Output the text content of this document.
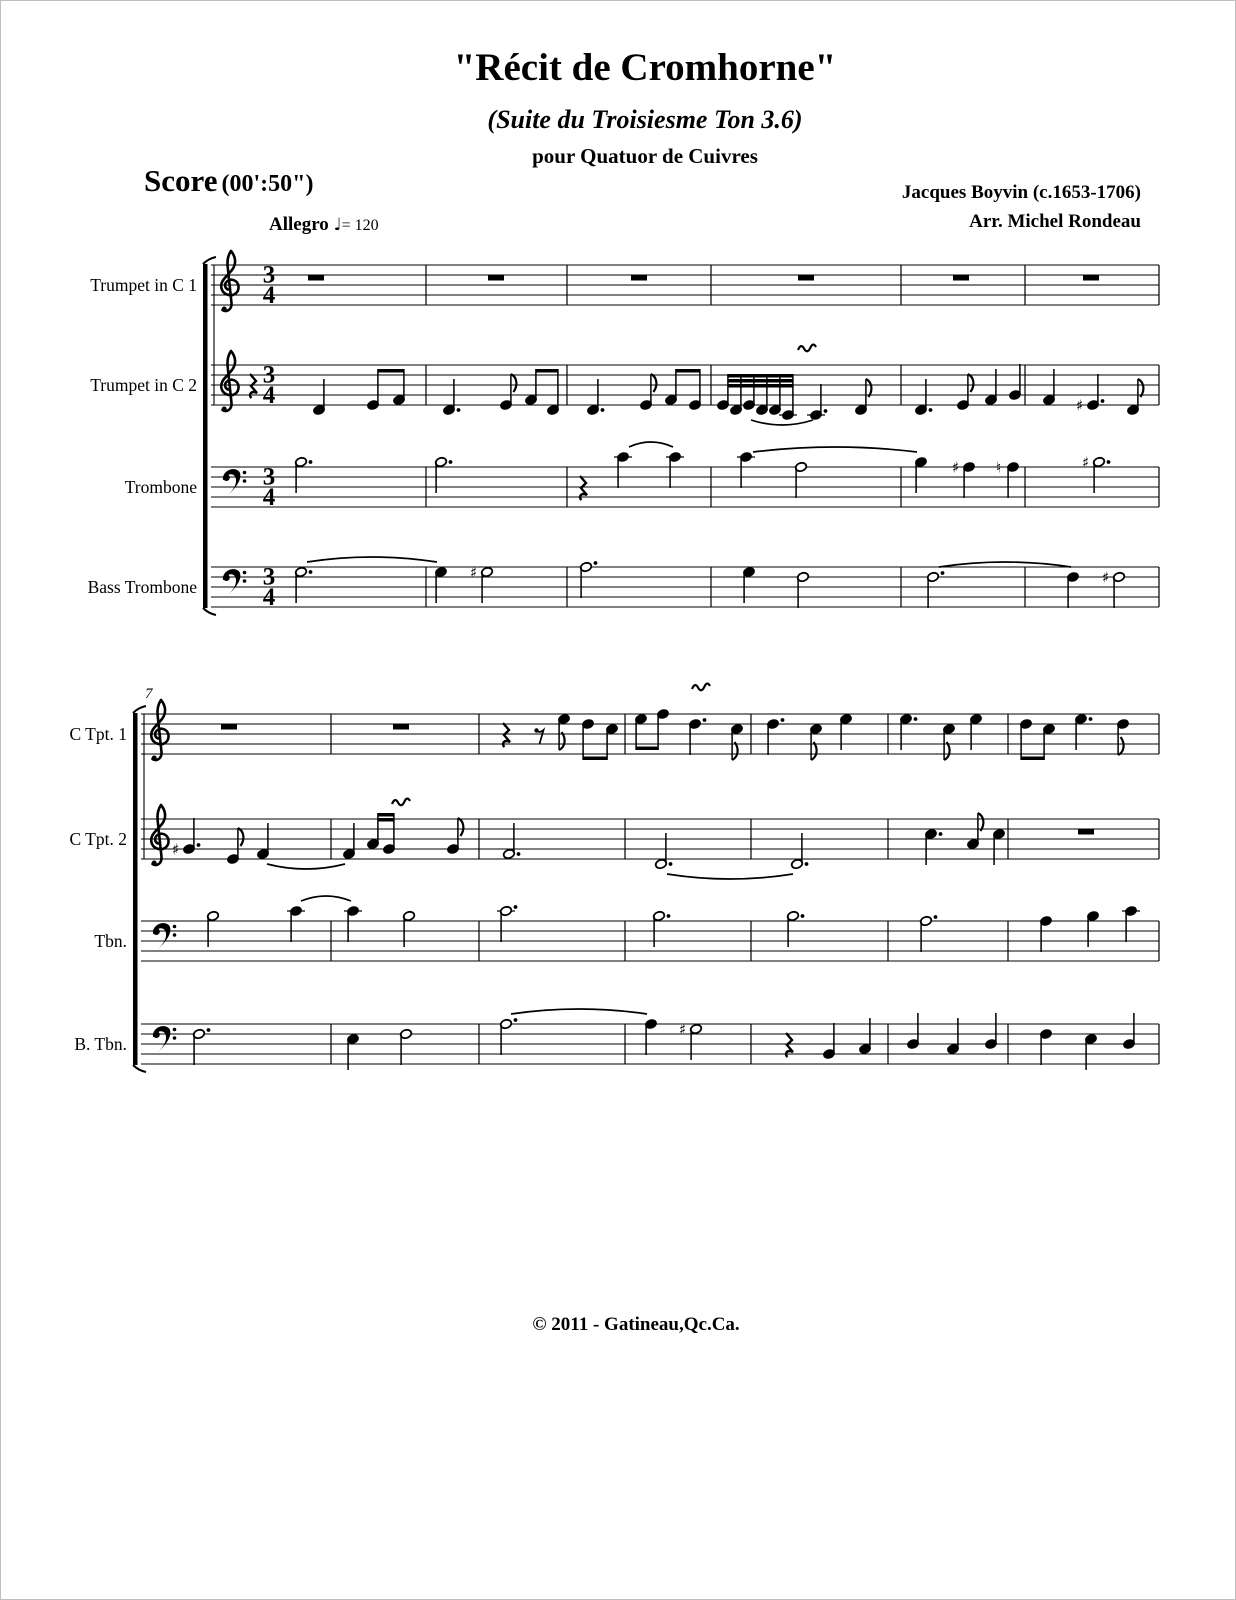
"Récit de Cromhorne"
(Suite du Troisiesme Ton 3.6)
pour Quatuor de Cuivres
Score (00':50")	Jacques Boyvin (c.1653-1706)
Arr. Michel Rondeau
Allegro ♩= 120
Trumpet in C 1	3
4
Trumpet in C 2	3
4	♯
Trombone	3
4
♯ ♮	♯
Bass Trombone	3
4
♯	♯
7
C Tpt. 1
C Tpt. 2
♯
Tbn.
B. Tbn.
♯
© 2011 - Gatineau,Qc.Ca.
